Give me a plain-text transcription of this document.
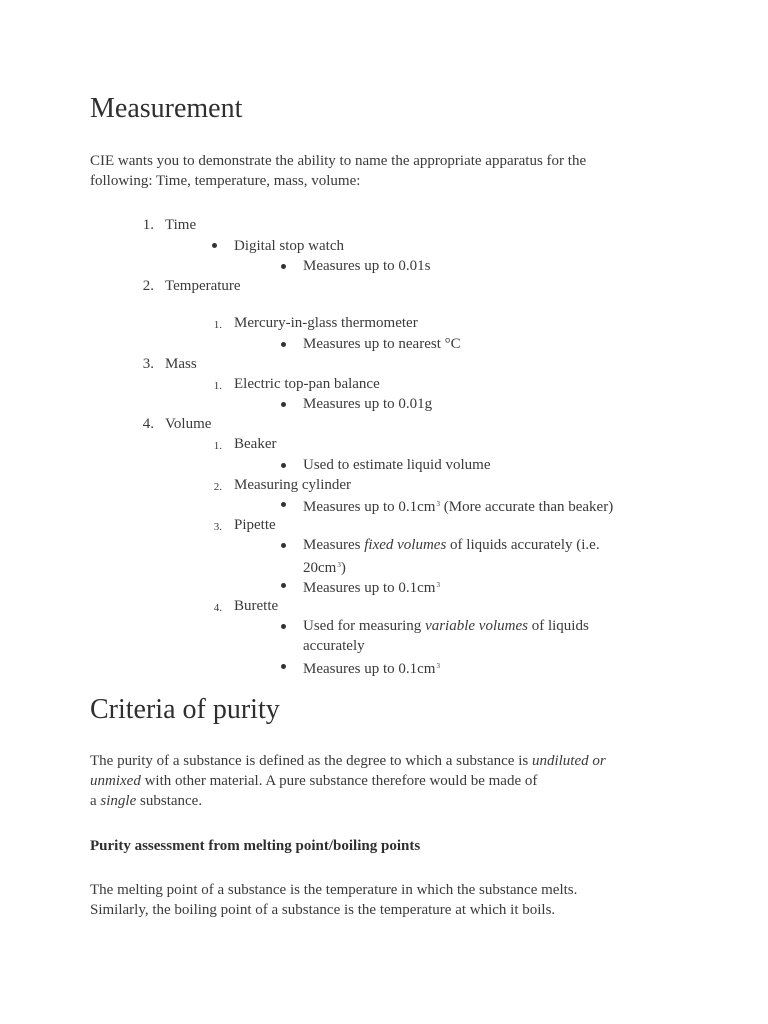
Measurement

CIE wants you to demonstrate the ability to name the appropriate apparatus for the

following: Time, temperature, mass, volume:

1. Time
Digital stop watch
Measures up to 0.01s
2. Temperature
1. Mercury-in-glass thermometer
Measures up to nearest °C
3. Mass
1. Electric top-pan balance
Measures up to 0.01g
4. Volume
1. Beaker
Used to estimate liquid volume
2. Measuring cylinder
Measures up to $0.1cm^3$ (More accurate than beaker)
3. Pipette
Measures fixed volumes of liquids accurately (i.e.
$20cm^3$)
Measures up to $0.1cm^3$
4. Burette
Used for measuring variable volumes of liquids
accurately
Measures up to $0.1cm^3$
Criteria of purity

The purity of a substance is defined as the degree to which a substance is undiluted or

unmixed with other material. A pure substance therefore would be made of

a single substance.

Purity assessment from melting point/boiling points

The melting point of a substance is the temperature in which the substance melts.

Similarly, the boiling point of a substance is the temperature at which it boils.
